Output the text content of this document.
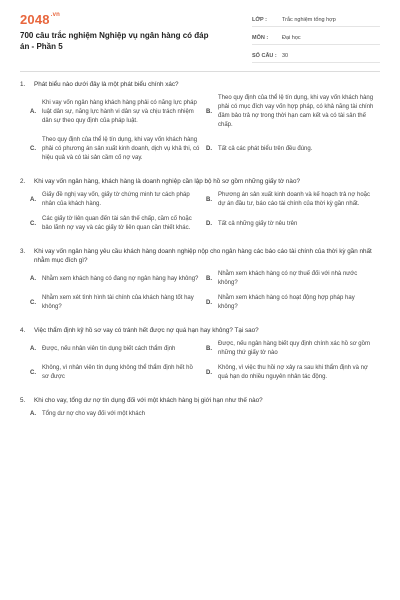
$2048^{.vn}$
700 câu trắc nghiệm Nghiệp vụ ngân hàng có đáp án - Phần 5
LỚP :	Trắc nghiệm tổng hợp
MÔN :	Đại học
SỐ CÂU : 30
1.	Phát biểu nào dưới đây là một phát biểu chính xác?
A.
Khi vay vốn ngân hàng khách hàng phải có năng lực pháp luật dân sự, năng lực hành vi dân sự và chịu trách nhiệm dân sự theo quy định của pháp luật.
B.
Theo quy định của thể lệ tín dụng, khi vay vốn khách hàng phải có mục đích vay vốn hợp pháp, có khả năng tài chính đảm bảo trả nợ trong thời hạn cam kết và có tài sản thế chấp.
C.
Theo quy định của thể lệ tín dụng, khi vay vốn khách hàng phải có phương án sản xuất kinh doanh, dịch vụ khả thi, có hiệu quả và có tài sản cầm cố nợ vay.
D.	Tất cả các phát biểu trên đều đúng.
2.	Khi vay vốn ngân hàng, khách hàng là doanh nghiệp cần lập bộ hồ sơ gồm những giấy tờ nào?
A.
Giấy đề nghị vay vốn, giấy tờ chứng minh tư cách pháp nhân của khách hàng.
B.
Phương án sản xuất kinh doanh và kế hoạch trả nợ hoặc dự án đầu tư, báo cáo tài chính của thời kỳ gần nhất.
C.
Các giấy tờ liên quan đến tài sản thế chấp, cầm cố hoặc bảo lãnh nợ vay và các giấy tờ liên quan cần thiết khác.
D.	Tất cả những giấy tờ nêu trên
3.	Khi vay vốn ngân hàng yêu cầu khách hàng doanh nghiệp nộp cho ngân hàng các báo cáo tài chính của thời kỳ gần nhất nhằm mục đích gì?
A.	Nhằm xem khách hàng có đang nợ ngân hàng hay không?	B.
Nhằm xem khách hàng có nợ thuế đối với nhà nước không?
C.
Nhằm xem xét tình hình tài chính của khách hàng tốt hay không?
D.
Nhằm xem khách hàng có hoạt động hợp pháp hay không?
4.	Việc thẩm định kỹ hồ sơ vay có tránh hết được nợ quá hạn hay không? Tại sao?
A.	Được, nếu nhân viên tín dụng biết cách thẩm định	B.
Được, nếu ngân hàng biết quy định chính xác hồ sơ gồm những thứ giấy tờ nào
C.
Không, vì nhân viên tín dụng không thể thẩm định hết hồ sơ được
D.
Không, vì việc thu hồi nợ xảy ra sau khi thẩm định và nợ quá hạn do nhiều nguyên nhân tác động.
5.	Khi cho vay, tổng dư nợ tín dụng đối với một khách hàng bị giới hạn như thế nào?
A.	Tổng dư nợ cho vay đối với một khách
